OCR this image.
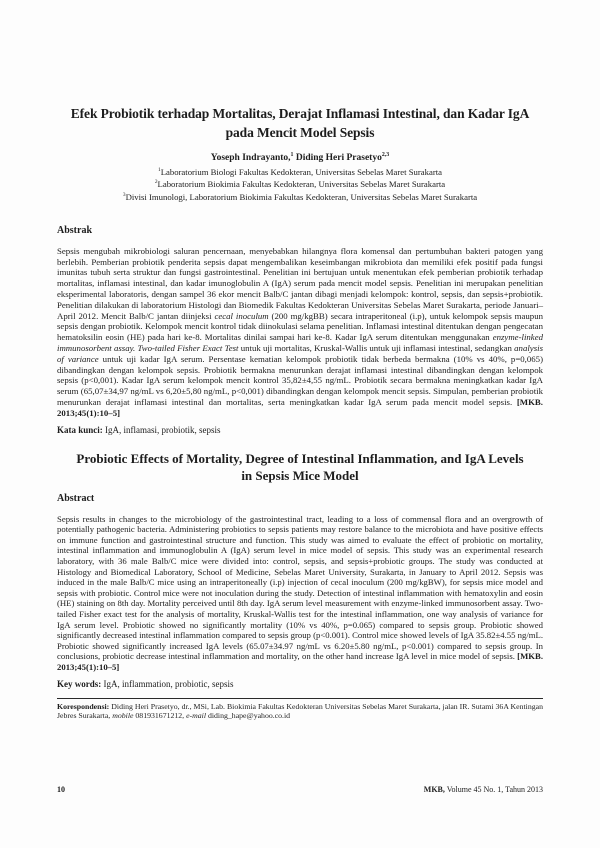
Efek Probiotik terhadap Mortalitas, Derajat Inflamasi Intestinal, dan Kadar IgA pada Mencit Model Sepsis

Yoseph Indrayanto,$^1$ Diding Heri Prasetyo$^{2,3}$

$^1$Laboratorium Biologi Fakultas Kedokteran, Universitas Sebelas Maret Surakarta

$^2$Laboratorium Biokimia Fakultas Kedokteran, Universitas Sebelas Maret Surakarta

$^3$Divisi Imunologi, Laboratorium Biokimia Fakultas Kedokteran, Universitas Sebelas Maret Surakarta

Abstrak

Sepsis mengubah mikrobiologi saluran pencernaan, menyebabkan hilangnya flora komensal dan pertumbuhan bakteri patogen yang berlebih. Pemberian probiotik penderita sepsis dapat mengembalikan keseimbangan mikrobiota dan memiliki efek positif pada fungsi imunitas tubuh serta struktur dan fungsi gastrointestinal. Penelitian ini bertujuan untuk menentukan efek pemberian probiotik terhadap mortalitas, inflamasi intestinal, dan kadar imunoglobulin A (IgA) serum pada mencit model sepsis. Penelitian ini merupakan penelitian eksperimental laboratoris, dengan sampel 36 ekor mencit Balb/C jantan dibagi menjadi kelompok: kontrol, sepsis, dan sepsis+probiotik. Penelitian dilakukan di laboratorium Histologi dan Biomedik Fakultas Kedokteran Universitas Sebelas Maret Surakarta, periode Januari–April 2012. Mencit Balb/C jantan diinjeksi cecal inoculum (200 mg/kgBB) secara intraperitoneal (i.p), untuk kelompok sepsis maupun sepsis dengan probiotik. Kelompok mencit kontrol tidak diinokulasi selama penelitian. Inflamasi intestinal ditentukan dengan pengecatan hematoksilin eosin (HE) pada hari ke-8. Mortalitas dinilai sampai hari ke-8. Kadar IgA serum ditentukan menggunakan enzyme-linked immunosorbent assay. Two-tailed Fisher Exact Test untuk uji mortalitas, Kruskal-Wallis untuk uji inflamasi intestinal, sedangkan analysis of variance untuk uji kadar IgA serum. Persentase kematian kelompok probiotik tidak berbeda bermakna (10% vs 40%, p=0,065) dibandingkan dengan kelompok sepsis. Probiotik bermakna menurunkan derajat inflamasi intestinal dibandingkan dengan kelompok sepsis (p<0,001). Kadar IgA serum kelompok mencit kontrol 35,82±4,55 ng/mL. Probiotik secara bermakna meningkatkan kadar IgA serum (65,07±34,97 ng/mL vs 6,20±5,80 ng/mL, p<0,001) dibandingkan dengan kelompok mencit sepsis. Simpulan, pemberian probiotik menurunkan derajat inflamasi intestinal dan mortalitas, serta meningkatkan kadar IgA serum pada mencit model sepsis. [MKB. 2013;45(1):10–5]

Kata kunci: IgA, inflamasi, probiotik, sepsis

Probiotic Effects of Mortality, Degree of Intestinal Inflammation, and IgA Levels in Sepsis Mice Model
Abstract

Sepsis results in changes to the microbiology of the gastrointestinal tract, leading to a loss of commensal flora and an overgrowth of potentially pathogenic bacteria. Administering probiotics to sepsis patients may restore balance to the microbiota and have positive effects on immune function and gastrointestinal structure and function. This study was aimed to evaluate the effect of probiotic on mortality, intestinal inflammation and immunoglobulin A (IgA) serum level in mice model of sepsis. This study was an experimental research laboratory, with 36 male Balb/C mice were divided into: control, sepsis, and sepsis+probiotic groups. The study was conducted at Histology and Biomedical Laboratory, School of Medicine, Sebelas Maret University, Surakarta, in January to April 2012. Sepsis was induced in the male Balb/C mice using an intraperitoneally (i.p) injection of cecal inoculum (200 mg/kgBW), for sepsis mice model and sepsis with probiotic. Control mice were not inoculation during the study. Detection of intestinal inflammation with hematoxylin and eosin (HE) staining on 8th day. Mortality perceived until 8th day. IgA serum level measurement with enzyme-linked immunosorbent assay. Two-tailed Fisher exact test for the analysis of mortality, Kruskal-Wallis test for the intestinal inflammation, one way analysis of variance for IgA serum level. Probiotic showed no significantly mortality (10% vs 40%, p=0.065) compared to sepsis group. Probiotic showed significantly decreased intestinal inflammation compared to sepsis group (p<0.001). Control mice showed levels of IgA 35.82±4.55 ng/mL. Probiotic showed significantly increased IgA levels (65.07±34.97 ng/mL vs 6.20±5.80 ng/mL, p<0.001) compared to sepsis group. In conclusions, probiotic decrease intestinal inflammation and mortality, on the other hand increase IgA level in mice model of sepsis. [MKB. 2013;45(1):10–5]

Key words: IgA, inflammation, probiotic, sepsis

Korespondensi: Diding Heri Prasetyo, dr., MSi, Lab. Biokimia Fakultas Kedokteran Universitas Sebelas Maret Surakarta, jalan IR. Sutami 36A Kentingan Jebres Surakarta, mobile 081931671212, e-mail diding_hape@yahoo.co.id
10	MKB, Volume 45 No. 1, Tahun 2013
